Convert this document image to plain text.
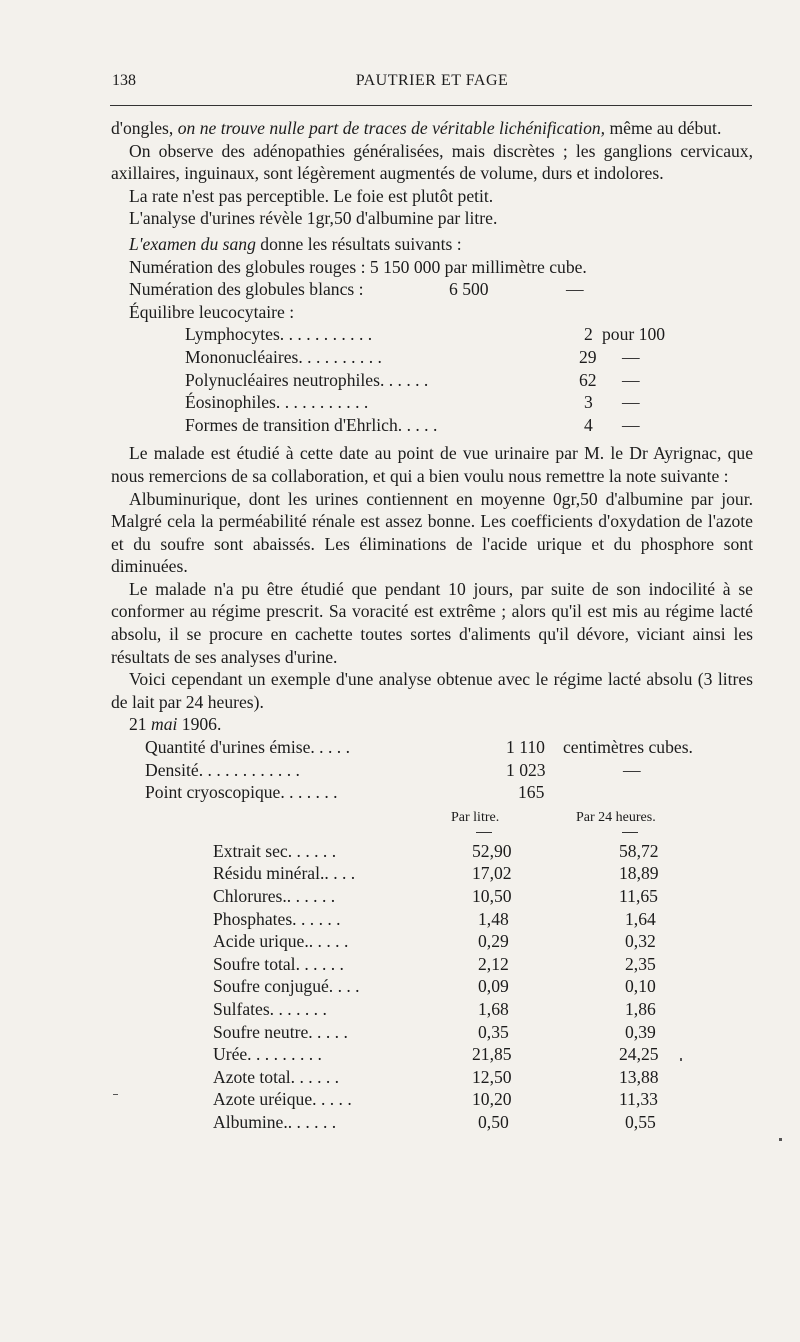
138	PAUTRIER ET FAGE

d'ongles, on ne trouve nulle part de traces de véritable lichénification, même au début.

On observe des adénopathies généralisées, mais discrètes ; les ganglions cervicaux, axillaires, inguinaux, sont légèrement augmentés de volume, durs et indolores.

La rate n'est pas perceptible. Le foie est plutôt petit.

L'analyse d'urines révèle 1gr,50 d'albumine par litre.

L'examen du sang donne les résultats suivants :

Numération des globules rouges : 5 150 000 par millimètre cube.

Numération des globules blancs :	6 500	—

Équilibre leucocytaire :

Lymphocytes. . . . . . . . . . .	2 pour 100
Mononucléaires. . . . . . . . . .	29 —
Polynucléaires neutrophiles. . . . . .	62 —
Éosinophiles. . . . . . . . . . .	3 —
Formes de transition d'Ehrlich. . . . .	4 —

Le malade est étudié à cette date au point de vue urinaire par M. le Dr Ayrignac, que nous remercions de sa collaboration, et qui a bien voulu nous remettre la note suivante :

Albuminurique, dont les urines contiennent en moyenne 0gr,50 d'albumine par jour. Malgré cela la perméabilité rénale est assez bonne. Les coefficients d'oxydation de l'azote et du soufre sont abaissés. Les éliminations de l'acide urique et du phosphore sont diminuées.

Le malade n'a pu être étudié que pendant 10 jours, par suite de son indocilité à se conformer au régime prescrit. Sa voracité est extrême ; alors qu'il est mis au régime lacté absolu, il se procure en cachette toutes sortes d'aliments qu'il dévore, viciant ainsi les résultats de ses analyses d'urine.

Voici cependant un exemple d'une analyse obtenue avec le régime lacté absolu (3 litres de lait par 24 heures).

21 mai 1906.

Quantité d'urines émise. . . . .	1 110 centimètres cubes.
Densité. . . . . . . . . . . .	1 023	—
Point cryoscopique. . . . . . .	165
Par litre.	Par 24 heures.
Extrait sec. . . . . .	52,90	58,72
Résidu minéral.. . . .	17,02	18,89
Chlorures.. . . . . .	10,50	11,65
Phosphates. . . . . .	1,48	1,64
Acide urique.. . . . .	0,29	0,32
Soufre total. . . . . .	2,12	2,35
Soufre conjugué. . . .	0,09	0,10
Sulfates. . . . . . .	1,68	1,86
Soufre neutre. . . . .	0,35	0,39
Urée. . . . . . . . .	21,85	24,25
Azote total. . . . . .	12,50	13,88
Azote uréique. . . . .	10,20	11,33
Albumine.. . . . . .	0,50	0,55
